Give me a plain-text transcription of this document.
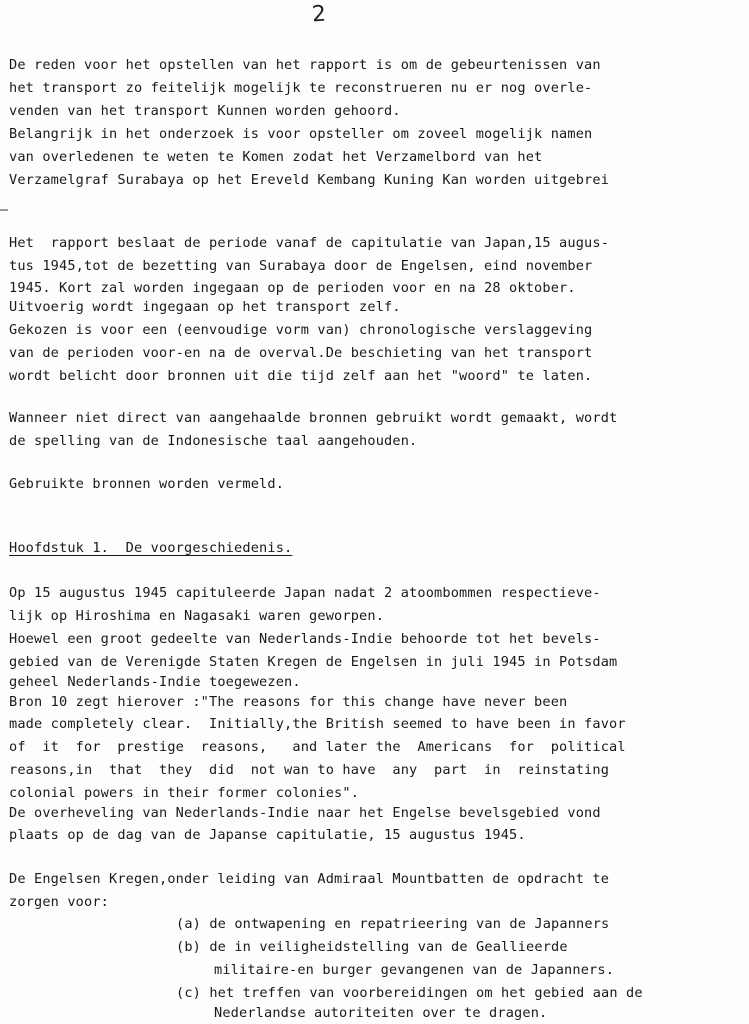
2
De reden voor het opstellen van het rapport is om de gebeurtenissen van
het transport zo feitelijk mogelijk te reconstrueren nu er nog overle-
venden van het transport Kunnen worden gehoord.
Belangrijk in het onderzoek is voor opsteller om zoveel mogelijk namen
van overledenen te weten te Komen zodat het Verzamelbord van het
Verzamelgraf Surabaya op het Ereveld Kembang Kuning Kan worden uitgebrei
Het  rapport beslaat de periode vanaf de capitulatie van Japan,15 augus-
tus 1945,tot de bezetting van Surabaya door de Engelsen, eind november
1945. Kort zal worden ingegaan op de perioden voor en na 28 oktober.
Uitvoerig wordt ingegaan op het transport zelf.
Gekozen is voor een (eenvoudige vorm van) chronologische verslaggeving
van de perioden voor-en na de overval.De beschieting van het transport
wordt belicht door bronnen uit die tijd zelf aan het "woord" te laten.
Wanneer niet direct van aangehaalde bronnen gebruikt wordt gemaakt, wordt
de spelling van de Indonesische taal aangehouden.
Gebruikte bronnen worden vermeld.
Hoofdstuk 1.  De voorgeschiedenis.
Op 15 augustus 1945 capituleerde Japan nadat 2 atoombommen respectieve-
lijk op Hiroshima en Nagasaki waren geworpen.
Hoewel een groot gedeelte van Nederlands-Indie behoorde tot het bevels-
gebied van de Verenigde Staten Kregen de Engelsen in juli 1945 in Potsdam
geheel Nederlands-Indie toegewezen.
Bron 10 zegt hierover :"The reasons for this change have never been
made completely clear.  Initially,the British seemed to have been in favor
of  it  for  prestige  reasons,   and later the  Americans  for  political
reasons,in  that  they  did  not wan to have  any  part  in  reinstating
colonial powers in their former colonies".
De overheveling van Nederlands-Indie naar het Engelse bevelsgebied vond
plaats op de dag van de Japanse capitulatie, 15 augustus 1945.
De Engelsen Kregen,onder leiding van Admiraal Mountbatten de opdracht te
zorgen voor:
(a) de ontwapening en repatrieering van de Japanners
(b) de in veiligheidstelling van de Geallieerde
militaire-en burger gevangenen van de Japanners.
(c) het treffen van voorbereidingen om het gebied aan de
Nederlandse autoriteiten over te dragen.
